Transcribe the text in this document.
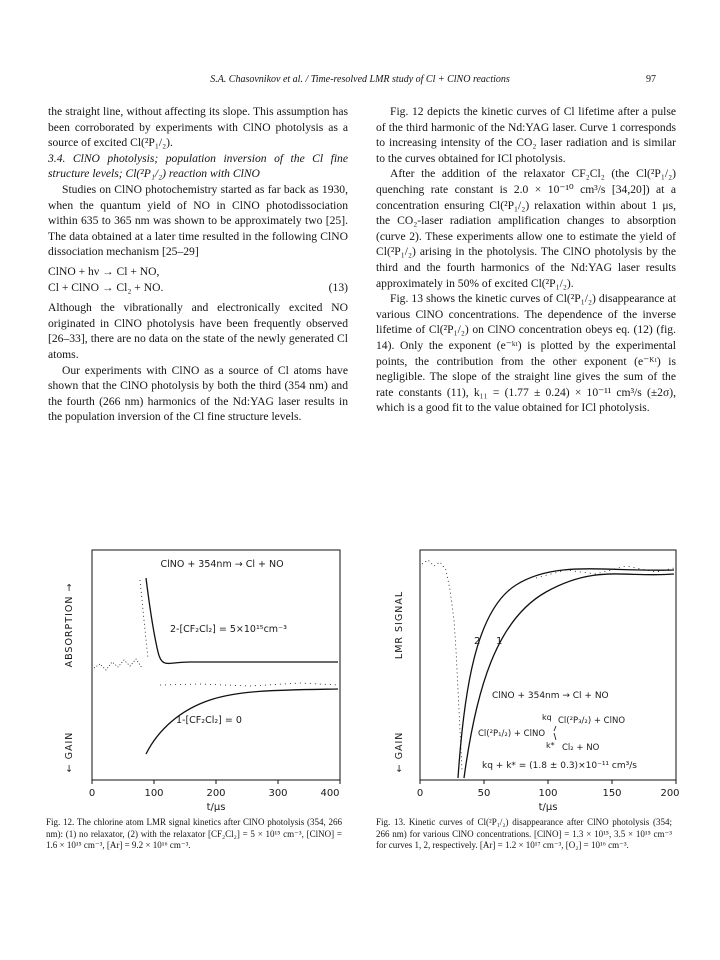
S.A. Chasovnikov et al. / Time-resolved LMR study of Cl + ClNO reactions	97

the straight line, without affecting its slope. This assumption has been corroborated by experiments with ClNO photolysis as a source of excited Cl(²P₁/₂).

3.4. ClNO photolysis; population inversion of the Cl fine structure levels; Cl(²P₁/₂) reaction with ClNO

Studies on ClNO photochemistry started as far back as 1930, when the quantum yield of NO in ClNO photodissociation within 635 to 365 nm was shown to be approximately two [25]. The data obtained at a later time resulted in the following ClNO dissociation mechanism [25–29]

ClNO + hν → Cl + NO,
Cl + ClNO → Cl₂ + NO.	(13)

Although the vibrationally and electronically excited NO originated in ClNO photolysis have been frequently observed [26–33], there are no data on the state of the newly generated Cl atoms.

Our experiments with ClNO as a source of Cl atoms have shown that the ClNO photolysis by both the third (354 nm) and the fourth (266 nm) harmonics of the Nd:YAG laser results in the population inversion of the Cl fine structure levels.

Fig. 12 depicts the kinetic curves of Cl lifetime after a pulse of the third harmonic of the Nd:YAG laser. Curve 1 corresponds to increasing intensity of the CO₂ laser radiation and is similar to the curves obtained for ICl photolysis.

After the addition of the relaxator CF₂Cl₂ (the Cl(²P₁/₂) quenching rate constant is 2.0 × 10⁻¹⁰ cm³/s [34,20]) at a concentration ensuring Cl(²P₁/₂) relaxation within about 1 μs, the CO₂-laser radiation amplification changes to absorption (curve 2). These experiments allow one to estimate the yield of Cl(²P₁/₂) arising in the photolysis. The ClNO photolysis by the third and the fourth harmonics of the Nd:YAG laser results approximately in 50% of excited Cl(²P₁/₂).

Fig. 13 shows the kinetic curves of Cl(²P₁/₂) disappearance at various ClNO concentrations. The dependence of the inverse lifetime of Cl(²P₁/₂) on ClNO concentration obeys eq. (12) (fig. 14). Only the exponent (e⁻ᵏᵗ) is plotted by the experimental points, the contribution from the other exponent (e⁻ᴷᵗ) is negligible. The slope of the straight line gives the sum of the rate constants (11), k₁₁ = (1.77 ± 0.24) × 10⁻¹¹ cm³/s (±2σ), which is a good fit to the value obtained for ICl photolysis.

0	100	200	300	400
t/μs
ABSORPTION →
← GAIN
ClNO + 354nm → Cl + NO
2-[CF₂Cl₂] = 5×10¹⁵cm⁻³
1-[CF₂Cl₂] = 0
0	50	100	150	200
t/μs
LMR SIGNAL
← GAIN
2 1
ClNO + 354nm → Cl + NO
kq Cl(²P₃/₂) + ClNO
Cl(²P₁/₂) + ClNO
k* Cl₂ + NO
kq + k* = (1.8 ± 0.3)×10⁻¹¹ cm³/s
Fig. 12. The chlorine atom LMR signal kinetics after ClNO photolysis (354, 266 nm): (1) no relaxator, (2) with the relaxator [CF₂Cl₂] = 5 × 10¹⁵ cm⁻³, [ClNO] = 1.6 × 10¹⁵ cm⁻³, [Ar] = 9.2 × 10¹⁶ cm⁻³.
Fig. 13. Kinetic curves of Cl(²P₁/₂) disappearance after ClNO photolysis (354; 266 nm) for various ClNO concentrations. [ClNO] = 1.3 × 10¹⁵, 3.5 × 10¹⁵ cm⁻³ for curves 1, 2, respectively. [Ar] = 1.2 × 10¹⁷ cm⁻³, [O₂] = 10¹⁶ cm⁻³.
